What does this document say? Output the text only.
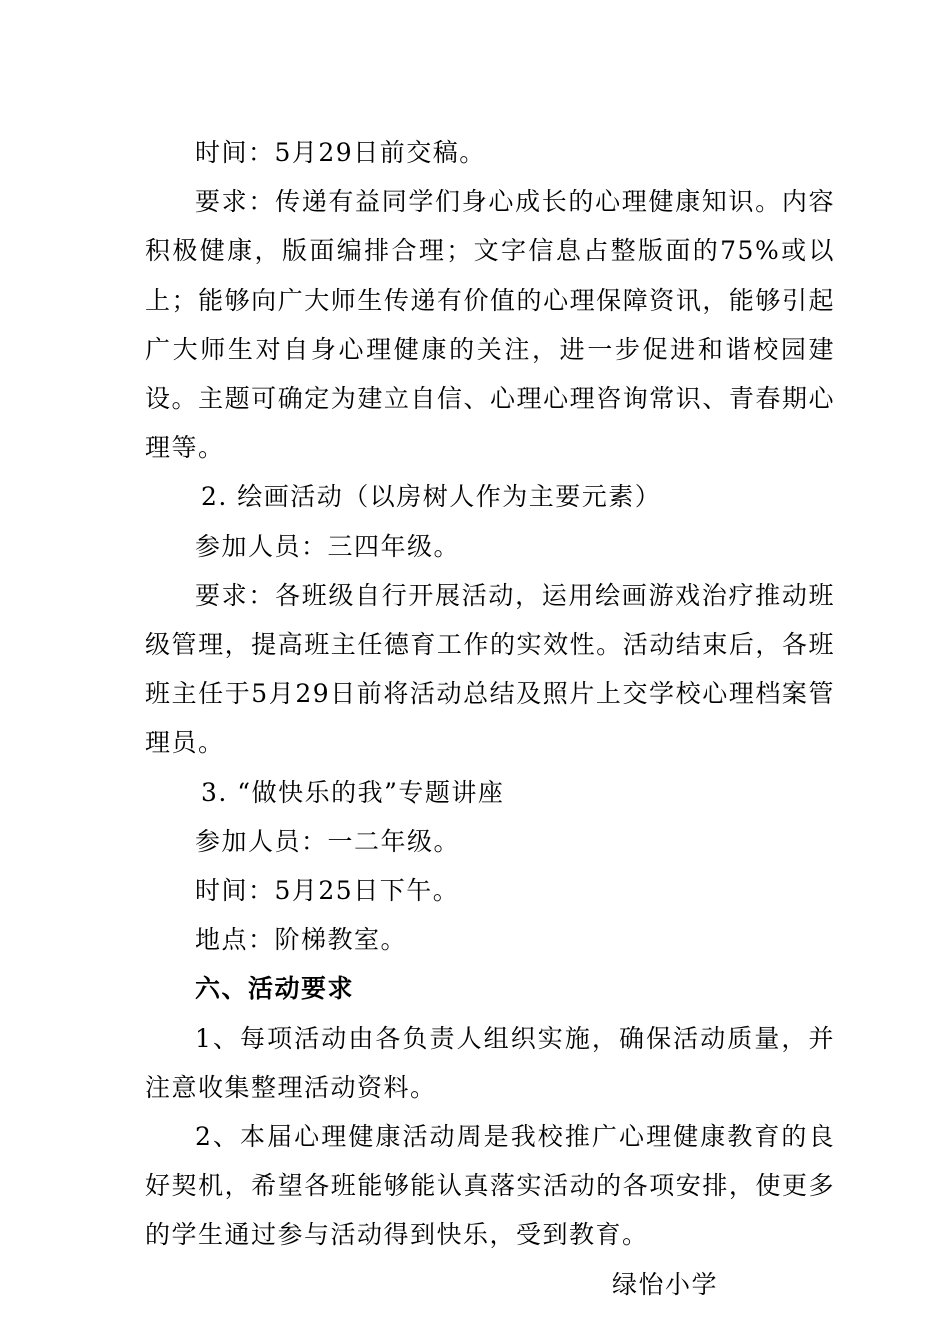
时间：5月29日前交稿。

要求：传递有益同学们身心成长的心理健康知识。内容积极健康，版面编排合理；文字信息占整版面的75%或以上；能够向广大师生传递有价值的心理保障资讯，能够引起广大师生对自身心理健康的关注，进一步促进和谐校园建设。主题可确定为建立自信、心理心理咨询常识、青春期心理等。

2. 绘画活动（以房树人作为主要元素）

参加人员：三四年级。

要求：各班级自行开展活动，运用绘画游戏治疗推动班级管理，提高班主任德育工作的实效性。活动结束后，各班班主任于5月29日前将活动总结及照片上交学校心理档案管理员。

3. “做快乐的我”专题讲座

参加人员：一二年级。

时间：5月25日下午。

地点：阶梯教室。

六、活动要求

1、每项活动由各负责人组织实施，确保活动质量，并注意收集整理活动资料。

2、本届心理健康活动周是我校推广心理健康教育的良好契机，希望各班能够能认真落实活动的各项安排，使更多的学生通过参与活动得到快乐，受到教育。

绿怡小学
